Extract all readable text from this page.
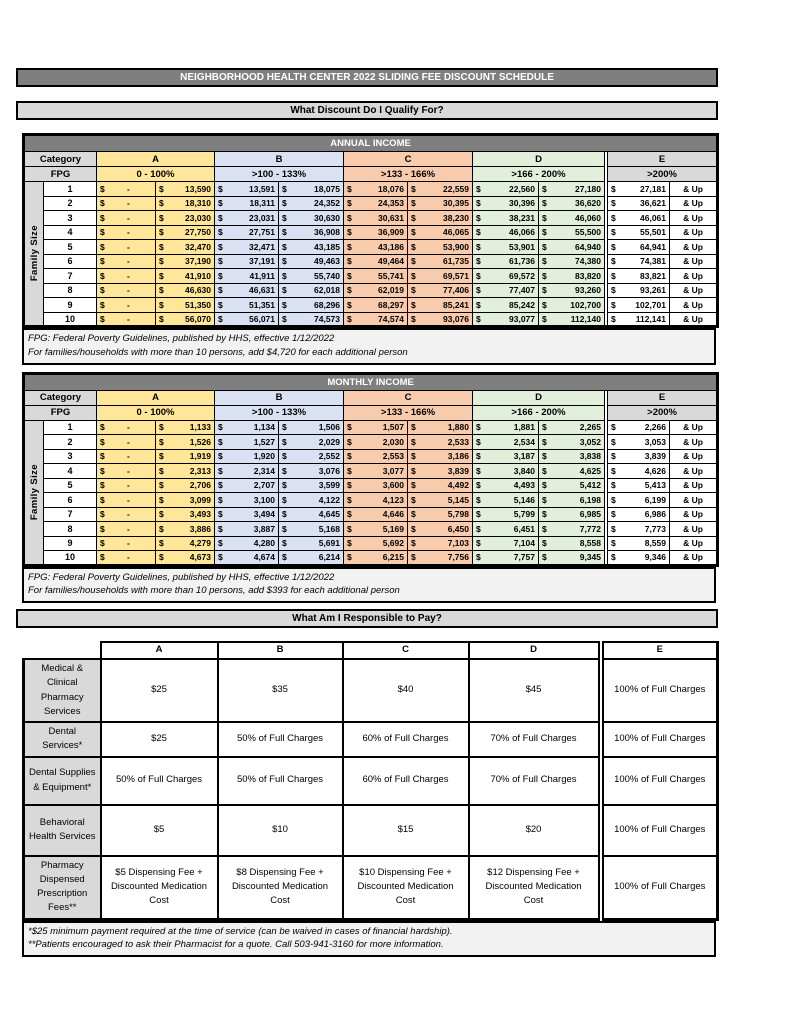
NEIGHBORHOOD HEALTH CENTER 2022 SLIDING FEE DISCOUNT SCHEDULE
What Discount Do I Qualify For?
ANNUAL INCOME												
Category		A		B		C		D			E	
FPG		0 - 100%		>100 - 133%		>133 - 166%		>166 - 200%			>200%	

Family Size	1	$ -	$ 13,590	$ 13,591	$ 18,075	$ 18,076	$ 22,559	$ 22,560	$ 27,180		$ 27,181	& Up
	2	$ -	$ 18,310	$ 18,311	$ 24,352	$ 24,353	$ 30,395	$ 30,396	$ 36,620		$ 36,621	& Up
	3	$ -	$ 23,030	$ 23,031	$ 30,630	$ 30,631	$ 38,230	$ 38,231	$ 46,060		$ 46,061	& Up
	4	$ -	$ 27,750	$ 27,751	$ 36,908	$ 36,909	$ 46,065	$ 46,066	$ 55,500		$ 55,501	& Up
	5	$ -	$ 32,470	$ 32,471	$ 43,185	$ 43,186	$ 53,900	$ 53,901	$ 64,940		$ 64,941	& Up
	6	$ -	$ 37,190	$ 37,191	$ 49,463	$ 49,464	$ 61,735	$ 61,736	$ 74,380		$ 74,381	& Up
	7	$ -	$ 41,910	$ 41,911	$ 55,740	$ 55,741	$ 69,571	$ 69,572	$ 83,820		$ 83,821	& Up
	8	$ -	$ 46,630	$ 46,631	$ 62,018	$ 62,019	$ 77,406	$ 77,407	$ 93,260		$ 93,261	& Up
	9	$ -	$ 51,350	$ 51,351	$ 68,296	$ 68,297	$ 85,241	$ 85,242	$ 102,700		$ 102,701	& Up
	10	$ -	$ 56,070	$ 56,071	$ 74,573	$ 74,574	$ 93,076	$ 93,077	$ 112,140		$ 112,141	& Up
FPG: Federal Poverty Guidelines, published by HHS, effective 1/12/2022
For families/households with more than 10 persons, add $4,720 for each additional person
MONTHLY INCOME												
Category		A		B		C		D			E	
FPG		0 - 100%		>100 - 133%		>133 - 166%		>166 - 200%			>200%	

Family Size	1	$ -	$ 1,133	$ 1,134	$ 1,506	$ 1,507	$ 1,880	$ 1,881	$ 2,265		$ 2,266	& Up
	2	$ -	$ 1,526	$ 1,527	$ 2,029	$ 2,030	$ 2,533	$ 2,534	$ 3,052		$ 3,053	& Up
	3	$ -	$ 1,919	$ 1,920	$ 2,552	$ 2,553	$ 3,186	$ 3,187	$ 3,838		$ 3,839	& Up
	4	$ -	$ 2,313	$ 2,314	$ 3,076	$ 3,077	$ 3,839	$ 3,840	$ 4,625		$ 4,626	& Up
	5	$ -	$ 2,706	$ 2,707	$ 3,599	$ 3,600	$ 4,492	$ 4,493	$ 5,412		$ 5,413	& Up
	6	$ -	$ 3,099	$ 3,100	$ 4,122	$ 4,123	$ 5,145	$ 5,146	$ 6,198		$ 6,199	& Up
	7	$ -	$ 3,493	$ 3,494	$ 4,645	$ 4,646	$ 5,798	$ 5,799	$ 6,985		$ 6,986	& Up
	8	$ -	$ 3,886	$ 3,887	$ 5,168	$ 5,169	$ 6,450	$ 6,451	$ 7,772		$ 7,773	& Up
	9	$ -	$ 4,279	$ 4,280	$ 5,691	$ 5,692	$ 7,103	$ 7,104	$ 8,558		$ 8,559	& Up
	10	$ -	$ 4,673	$ 4,674	$ 6,214	$ 6,215	$ 7,756	$ 7,757	$ 9,345		$ 9,346	& Up
FPG: Federal Poverty Guidelines, published by HHS, effective 1/12/2022
For families/households with more than 10 persons, add $393 for each additional person
What Am I Responsible to Pay?
	A	B	C	D		E
Medical & Clinical Pharmacy Services	$25	$35	$40	$45		100% of Full Charges
Dental Services*	$25	50% of Full Charges	60% of Full Charges	70% of Full Charges		100% of Full Charges
Dental Supplies & Equipment*	50% of Full Charges	50% of Full Charges	60% of Full Charges	70% of Full Charges		100% of Full Charges
Behavioral Health Services	$5	$10	$15	$20		100% of Full Charges
Pharmacy Dispensed Prescription Fees**	$5 Dispensing Fee + Discounted Medication Cost	$8 Dispensing Fee + Discounted Medication Cost	$10 Dispensing Fee + Discounted Medication Cost	$12 Dispensing Fee + Discounted Medication Cost		100% of Full Charges
*$25 minimum payment required at the time of service (can be waived in cases of financial hardship).
**Patients encouraged to ask their Pharmacist for a quote. Call 503-941-3160 for more information.
